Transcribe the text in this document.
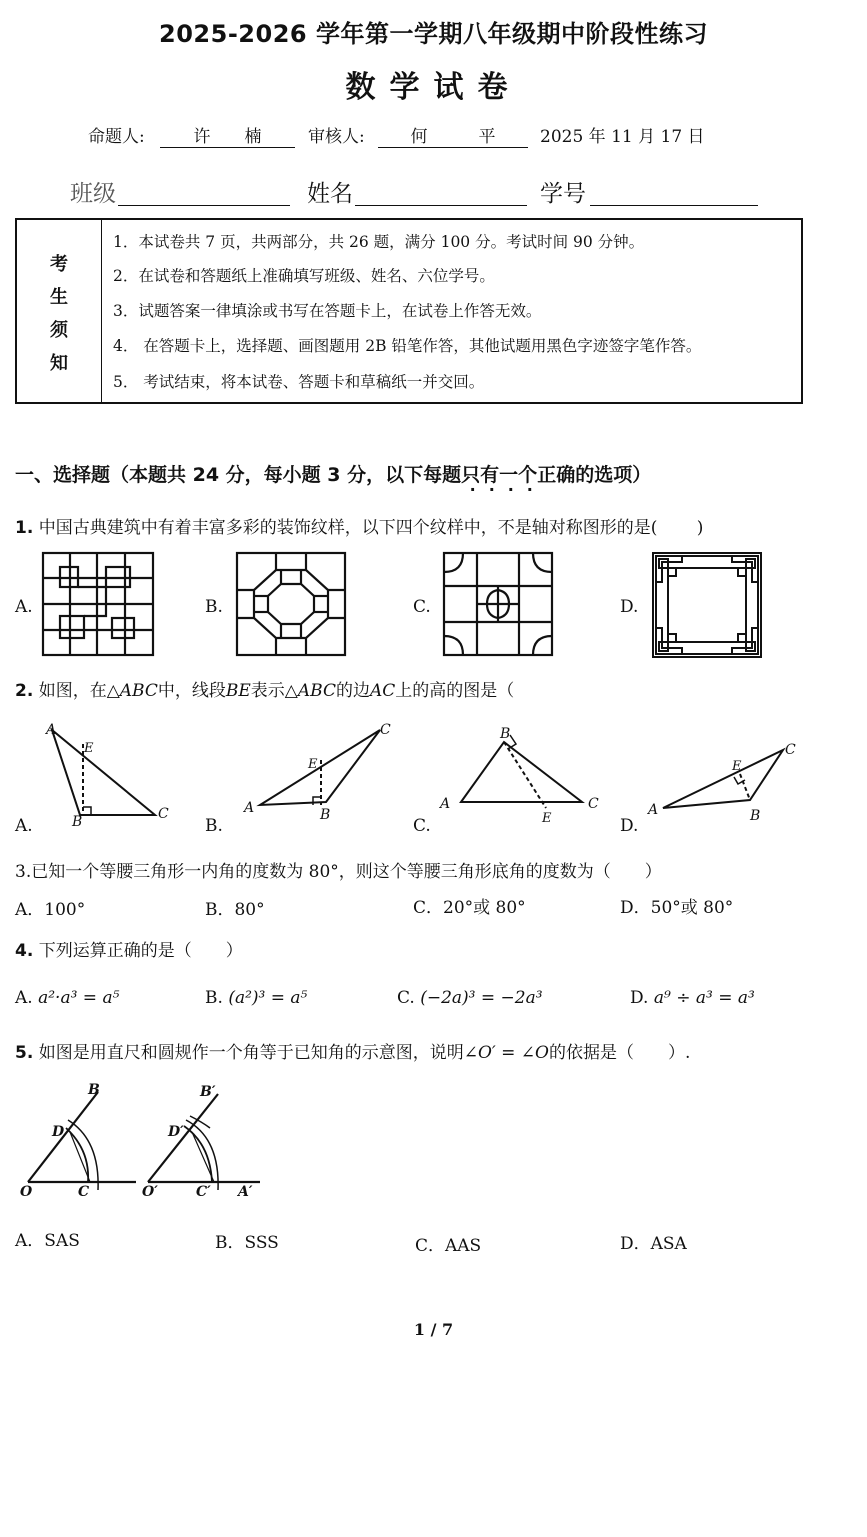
2025-2026 学年第一学期八年级期中阶段性练习
数学试卷
命题人:	许　　楠	审核人:	何　　　平	2025 年 11 月 17 日
班级	姓名	学号
考
生
须
知
1．本试卷共 7 页，共两部分，共 26 题，满分 100 分。考试时间 90 分钟。
2．在试卷和答题纸上准确填写班级、姓名、六位学号。
3．试题答案一律填涂或书写在答题卡上，在试卷上作答无效。
4． 在答题卡上，选择题、画图题用 2B 铅笔作答，其他试题用黑色字迹签字笔作答。
5． 考试结束，将本试卷、答题卡和草稿纸一并交回。
一、选择题（本题共 24 分，每小题 3 分，以下每题只有一个正确的选项）
1. 中国古典建筑中有着丰富多彩的装饰纹样，以下四个纹样中，不是轴对称图形的是(　　 )
A.	B.	C.	D.
2. 如图，在△ABC中，线段BE表示△ABC的边AC上的高的图是（
A
E
B	C
A.
A
E
B
C
B.
A
B
C
E
C.
A
E
B
C
D.
3.已知一个等腰三角形一内角的度数为 80°，则这个等腰三角形底角的度数为（　　）
A．100°	B．80°	C．20°或 80°	D．50°或 80°
4. 下列运算正确的是（　　）
A. a²·a³ = a⁵	B. (a²)³ = a⁵	C. (−2a)³ = −2a³	D. a⁹ ÷ a³ = a³
5. 如图是用直尺和圆规作一个角等于已知角的示意图，说明∠O′ = ∠O的依据是（　　）.
B
D
O	C
B′
D′
O′	C′ A′
A．SAS	B．SSS	C．AAS	D．ASA
1 / 7
